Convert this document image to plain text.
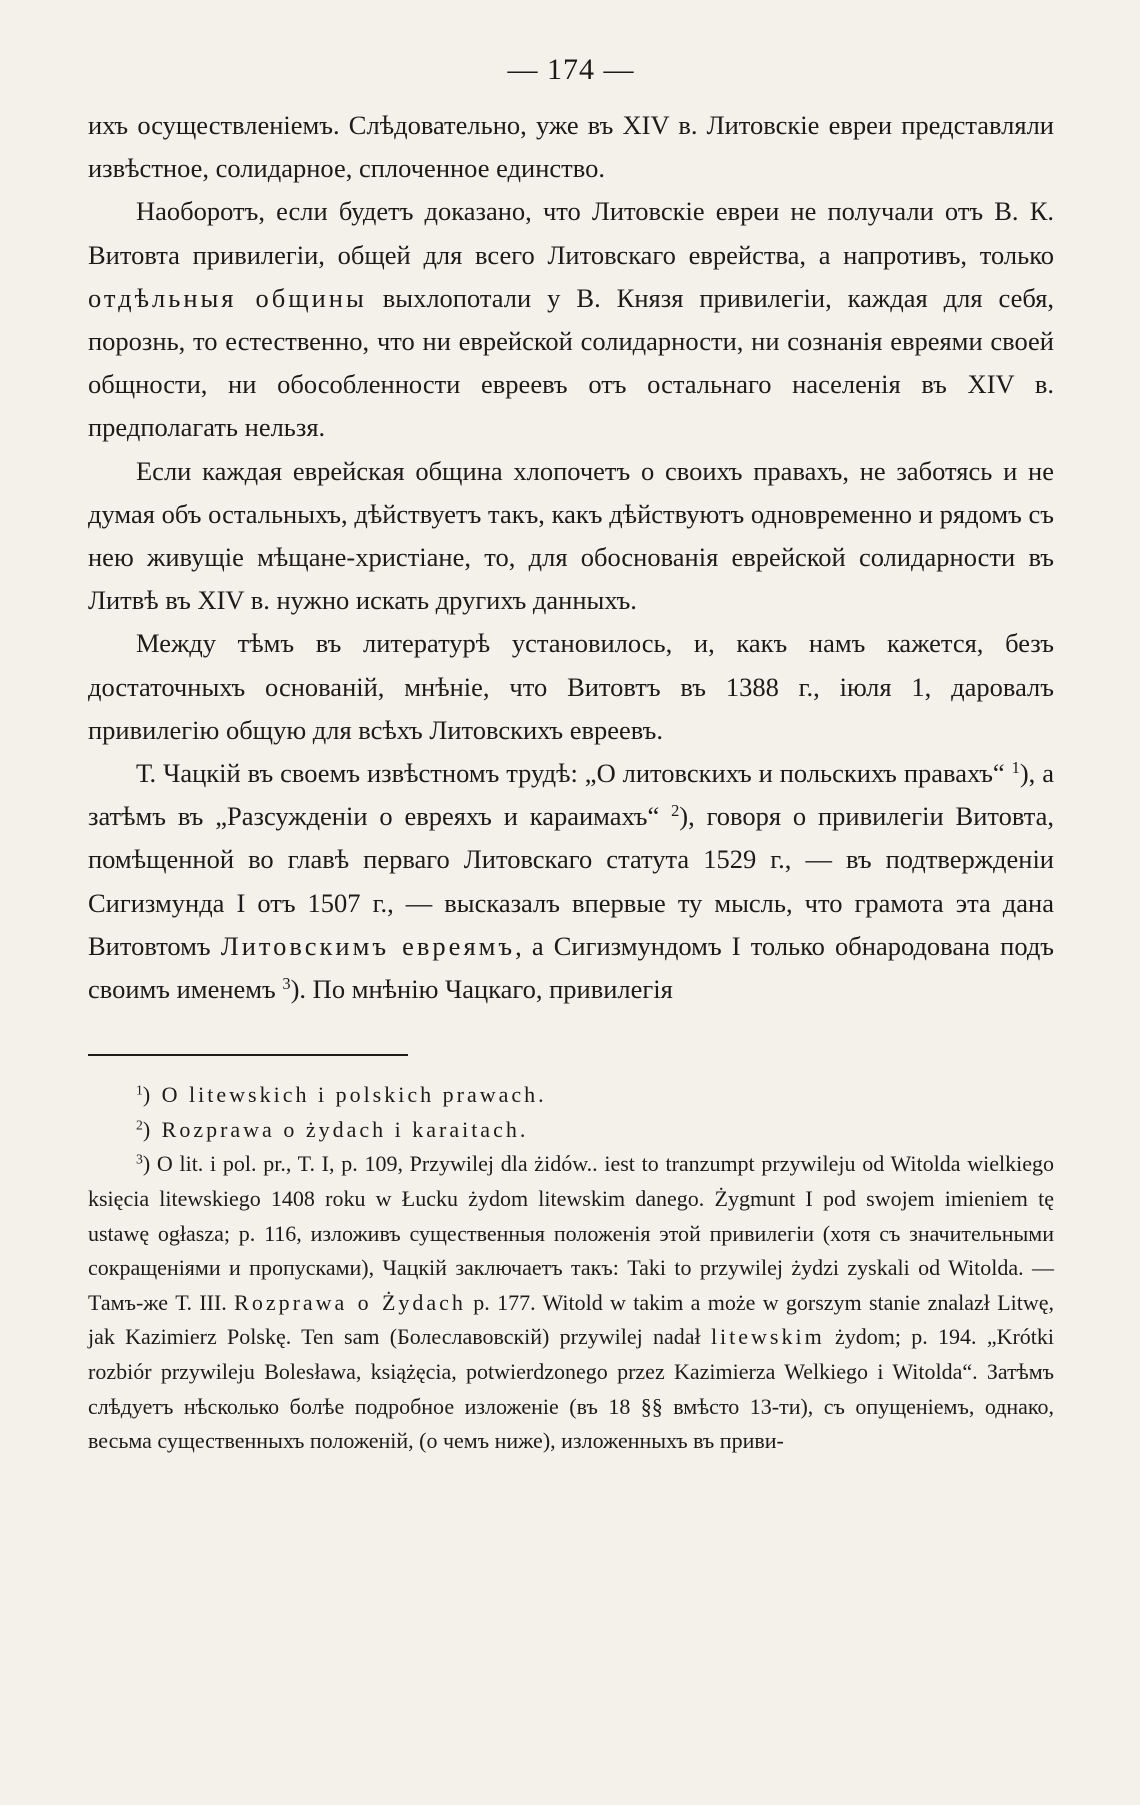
— 174 —

ихъ осуществленіемъ. Слѣдовательно, уже въ XIV в. Литовскіе евреи представляли извѣстное, солидарное, сплоченное единство.

Наоборотъ, если будетъ доказано, что Литовскіе евреи не получали отъ В. К. Витовта привилегіи, общей для всего Литовскаго еврейства, а напротивъ, только отдѣльныя общины выхлопотали у В. Князя привилегіи, каждая для себя, порознь, то естественно, что ни еврейской солидарности, ни сознанія евреями своей общности, ни обособленности евреевъ отъ остальнаго населенія въ XIV в. предполагать нельзя.

Если каждая еврейская община хлопочетъ о своихъ правахъ, не заботясь и не думая объ остальныхъ, дѣйствуетъ такъ, какъ дѣйствуютъ одновременно и рядомъ съ нею живущіе мѣщане-христіане, то, для обоснованія еврейской солидарности въ Литвѣ въ XIV в. нужно искать другихъ данныхъ.

Между тѣмъ въ литературѣ установилось, и, какъ намъ кажется, безъ достаточныхъ основаній, мнѣніе, что Витовтъ въ 1388 г., іюля 1, даровалъ привилегію общую для всѣхъ Литовскихъ евреевъ.

Т. Чацкій въ своемъ извѣстномъ трудѣ: „О литовскихъ и польскихъ правахъ“ $^1$), а затѣмъ въ „Разсужденіи о евреяхъ и караимахъ“ $^2$), говоря о привилегіи Витовта, помѣщенной во главѣ перваго Литовскаго статута 1529 г., — въ подтвержденіи Сигизмунда I отъ 1507 г., — высказалъ впервые ту мысль, что грамота эта дана Витовтомъ Литовскимъ евреямъ, а Сигизмундомъ I только обнародована подъ своимъ именемъ $^3$). По мнѣнію Чацкаго, привилегія

$^1$) O litewskich i polskich prawach.

$^2$) Rozprawa o żydach i karaitach.

$^3$) O lit. i pol. pr., T. I, p. 109, Przywilej dla żidów.. iest to tranzumpt przywileju od Witolda wielkiego księcia litewskiego 1408 roku w Łucku żydom litewskim danego. Żygmunt I pod swojem imieniem tę ustawę ogłasza; p. 116, изложивъ существенныя положенія этой привилегіи (хотя съ значительными сокращеніями и пропусками), Чацкій заключаетъ такъ: Taki to przywilej żydzi zyskali od Witolda. — Тамъ-же Т. III. Rozprawa o Żydach p. 177. Witold w takim a może w gorszym stanie znalazł Litwę, jak Kazimierz Polskę. Ten sam (Болеславовскій) przywilej nadał litewskim żydom; p. 194. „Krótki rozbiór przywileju Bolesława, książęcia, potwierdzonego przez Kazimierza Welkiego i Witolda“. Затѣмъ слѣдуетъ нѣсколько болѣе подробное изложеніе (въ 18 §§ вмѣсто 13-ти), съ опущеніемъ, однако, весьма существенныхъ положеній, (о чемъ ниже), изложенныхъ въ приви-
